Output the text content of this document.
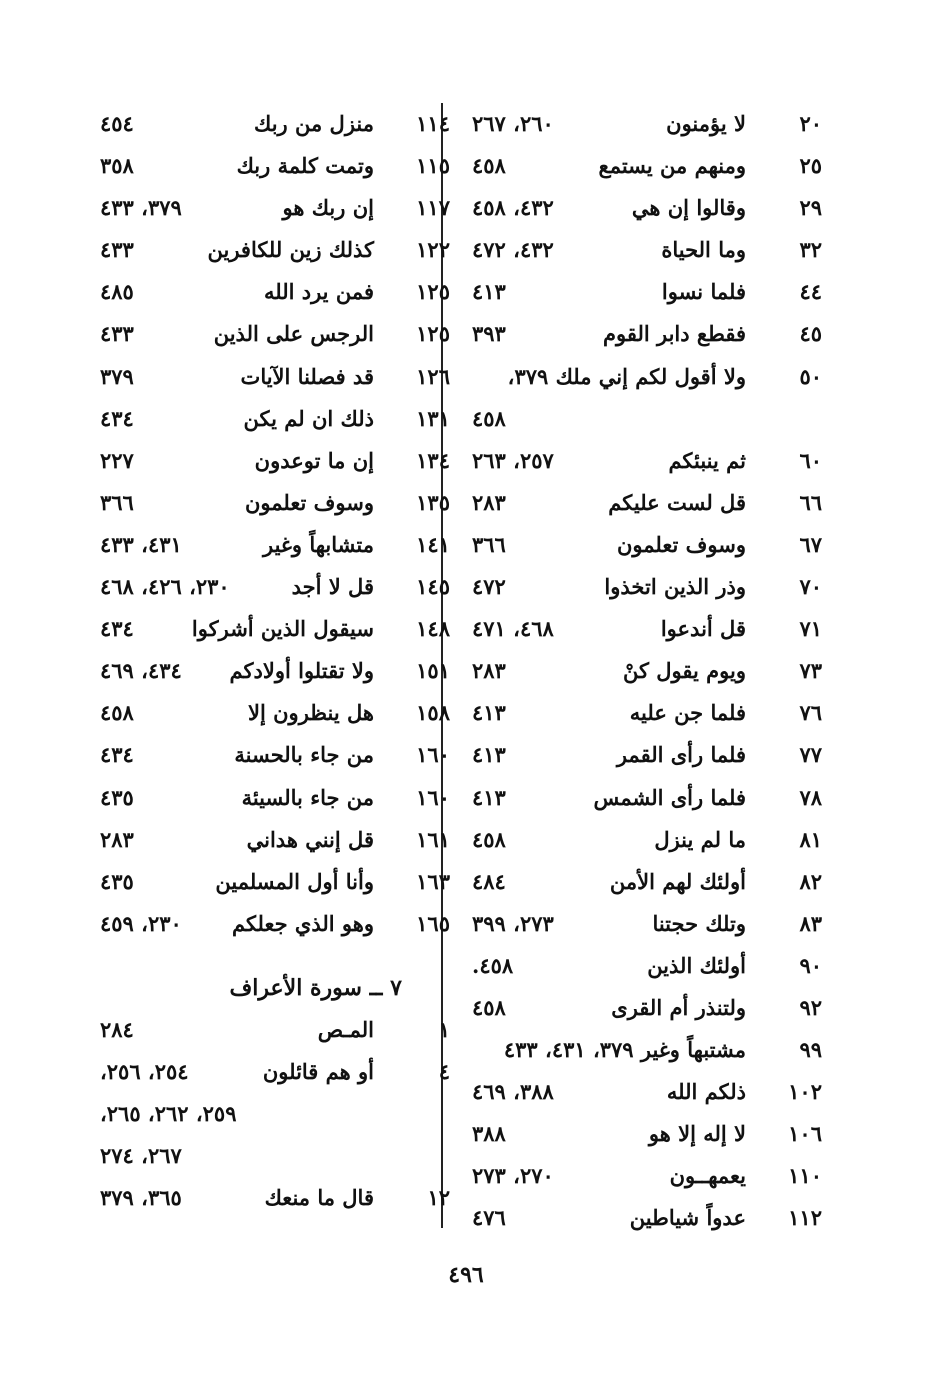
٢٠
لا يؤمنون
٢٦٠، ٢٦٧
٢٥
ومنهم من يستمع
٤٥٨
٢٩
وقالوا إن هي
٤٣٢، ٤٥٨
٣٢
وما الحياة
٤٣٢، ٤٧٢
٤٤
فلما نسوا
٤١٣
٤٥
فقطع دابر القوم
٣٩٣
٥٠
ولا أقول لكم إني ملك ٣٧٩،
٤٥٨
٦٠
ثم ينبئكم
٢٥٧، ٢٦٣
٦٦
قل لست عليكم
٢٨٣
٦٧
وسوف تعلمون
٣٦٦
٧٠
وذر الذين اتخذوا
٤٧٢
٧١
قل أندعوا
٤٦٨، ٤٧١
٧٣
ويوم يقول كنْ
٢٨٣
٧٦
فلما جن عليه
٤١٣
٧٧
فلما رأى القمر
٤١٣
٧٨
فلما رأى الشمس
٤١٣
٨١
ما لم ينزل
٤٥٨
٨٢
أولئك لهم الأمن
٤٨٤
٨٣
وتلك حجتنا
٢٧٣، ٣٩٩
٩٠
أولئك الذين
٤٥٨.
٩٢
ولتنذر أم القرى
٤٥٨
٩٩
مشتبهاً وغير ٣٧٩، ٤٣١، ٤٣٣
١٠٢
ذلكم الله
٣٨٨، ٤٦٩
١٠٦
لا إله إلا هو
٣٨٨
١١٠
يعمهــون
٢٧٠، ٢٧٣
١١٢
عدواً شياطين
٤٧٦
١١٤
منزل من ربك
٤٥٤
١١٥
وتمت كلمة ربك
٣٥٨
١١٧
إن ربك هو
٣٧٩، ٤٣٣
١٢٢
كذلك زين للكافرين
٤٣٣
١٢٥
فمن يرد الله
٤٨٥
١٢٥
الرجس على الذين
٤٣٣
١٢٦
قد فصلنا الآيات
٣٧٩
١٣١
ذلك ان لم يكن
٤٣٤
١٣٤
إن ما توعدون
٢٢٧
١٣٥
وسوف تعلمون
٣٦٦
١٤١
متشابهاً وغير
٤٣١، ٤٣٣
١٤٥
قل لا أجد
٢٣٠، ٤٢٦، ٤٦٨
١٤٨
سيقول الذين أشركوا
٤٣٤
١٥١
ولا تقتلوا أولادكم
٤٣٤، ٤٦٩
١٥٨
هل ينظرون إلا
٤٥٨
١٦٠
من جاء بالحسنة
٤٣٤
١٦٠
من جاء بالسيئة
٤٣٥
١٦١
قل إنني هداني
٢٨٣
١٦٣
وأنا أول المسلمين
٤٣٥
١٦٥
وهو الذي جعلكم
٢٣٠، ٤٥٩
٧ ــ سورة الأعراف
١
المـص
٢٨٤
٤
أو هم قائلون
٢٥٤، ٢٥٦،
٢٥٩، ٢٦٢، ٢٦٥،
٢٦٧، ٢٧٤
١٢
قال ما منعك
٣٦٥، ٣٧٩
٤٩٦
